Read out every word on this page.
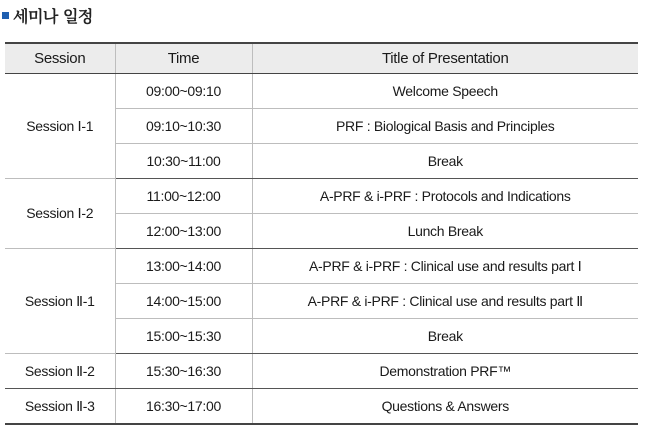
세미나 일정
Session	Time	Title of Presentation
Session Ⅰ-1	09:00~09:10	Welcome Speech
	09:10~10:30	PRF : Biological Basis and Principles
	10:30~11:00	Break
Session Ⅰ-2	11:00~12:00	A-PRF & i-PRF : Protocols and Indications
	12:00~13:00	Lunch Break
Session Ⅱ-1	13:00~14:00	A-PRF & i-PRF : Clinical use and results part Ⅰ
	14:00~15:00	A-PRF & i-PRF : Clinical use and results part Ⅱ
	15:00~15:30	Break
Session Ⅱ-2	15:30~16:30	Demonstration PRF™
Session Ⅱ-3	16:30~17:00	Questions & Answers
